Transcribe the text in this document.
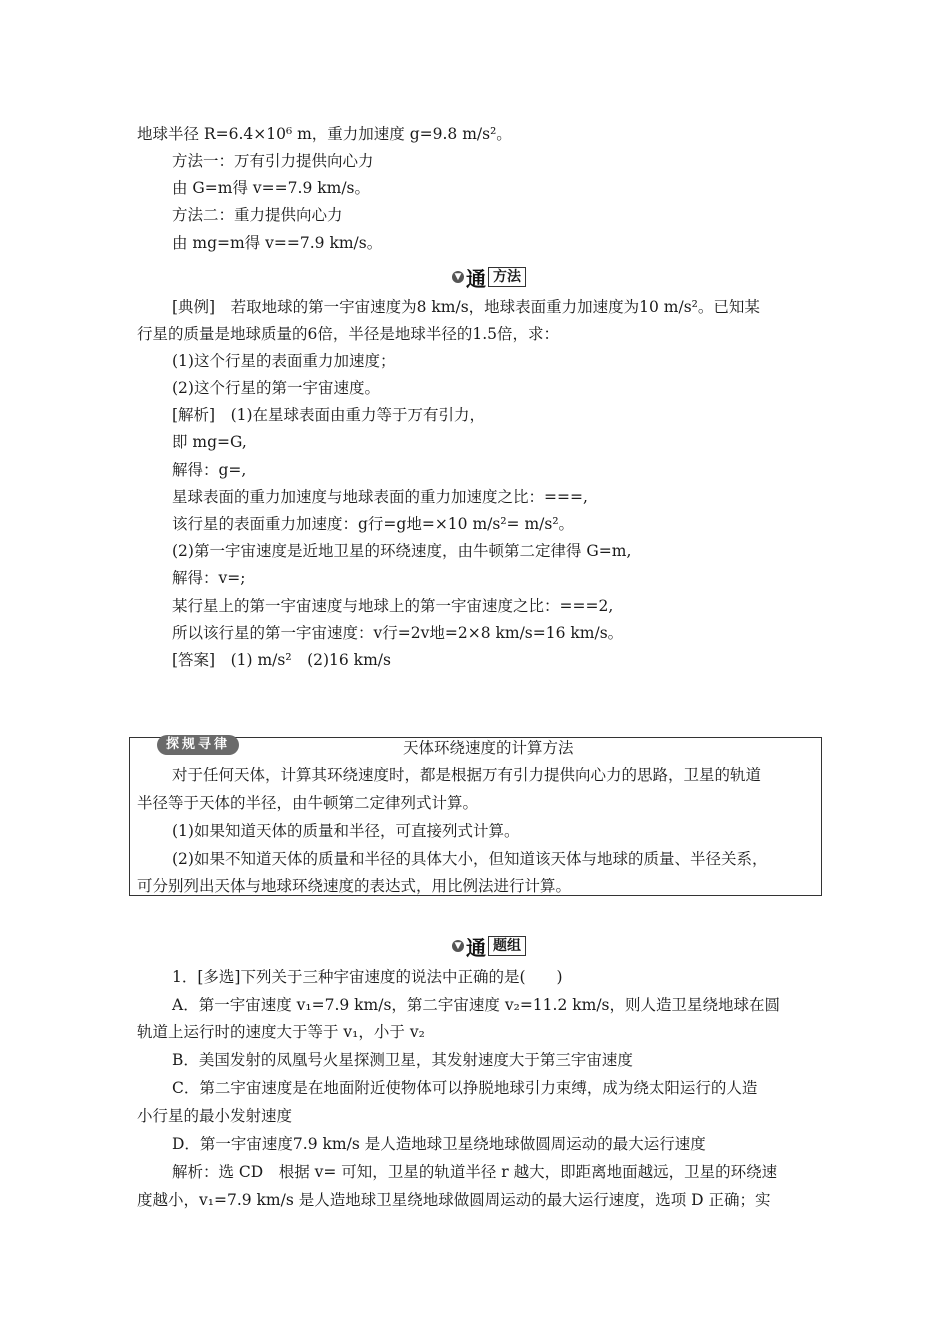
地球半径 R=6.4×10⁶ m，重力加速度 g=9.8 m/s²。
方法一：万有引力提供向心力
由 G=m得 v==7.9 km/s。
方法二：重力提供向心力
由 mg=m得 v==7.9 km/s。
▼ 通 方法
[典例]　若取地球的第一宇宙速度为8 km/s，地球表面重力加速度为10 m/s²。已知某
行星的质量是地球质量的6倍，半径是地球半径的1.5倍，求：
(1)这个行星的表面重力加速度；
(2)这个行星的第一宇宙速度。
[解析]　(1)在星球表面由重力等于万有引力，
即 mg=G,
解得：g=,
星球表面的重力加速度与地球表面的重力加速度之比：===,
该行星的表面重力加速度：g行=g地=×10 m/s²= m/s²。
(2)第一宇宙速度是近地卫星的环绕速度，由牛顿第二定律得 G=m,
解得：v=;
某行星上的第一宇宙速度与地球上的第一宇宙速度之比：===2,
所以该行星的第一宇宙速度：v行=2v地=2×8 km/s=16 km/s。
[答案]　(1) m/s²　(2)16 km/s
探规寻律	天体环绕速度的计算方法
对于任何天体，计算其环绕速度时，都是根据万有引力提供向心力的思路，卫星的轨道
半径等于天体的半径，由牛顿第二定律列式计算。
(1)如果知道天体的质量和半径，可直接列式计算。
(2)如果不知道天体的质量和半径的具体大小，但知道该天体与地球的质量、半径关系，
可分别列出天体与地球环绕速度的表达式，用比例法进行计算。
▼ 通 题组
1．[多选]下列关于三种宇宙速度的说法中正确的是(　　)
A．第一宇宙速度 v₁=7.9 km/s，第二宇宙速度 v₂=11.2 km/s，则人造卫星绕地球在圆
轨道上运行时的速度大于等于 v₁，小于 v₂
B．美国发射的凤凰号火星探测卫星，其发射速度大于第三宇宙速度
C．第二宇宙速度是在地面附近使物体可以挣脱地球引力束缚，成为绕太阳运行的人造
小行星的最小发射速度
D．第一宇宙速度7.9 km/s 是人造地球卫星绕地球做圆周运动的最大运行速度
解析：选 CD　根据 v= 可知，卫星的轨道半径 r 越大，即距离地面越远，卫星的环绕速
度越小，v₁=7.9 km/s 是人造地球卫星绕地球做圆周运动的最大运行速度，选项 D 正确；实
